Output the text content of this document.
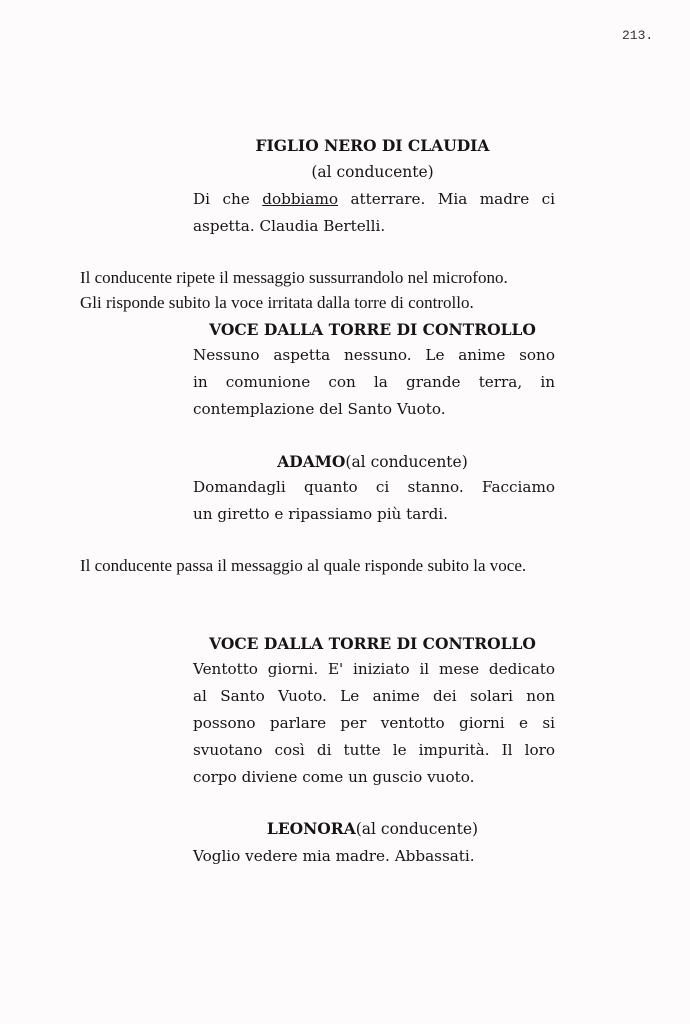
213.
FIGLIO NERO DI CLAUDIA
(al conducente)
Di che dobbiamo atterrare. Mia madre ci
aspetta. Claudia Bertelli.
Il conducente ripete il messaggio sussurrandolo nel microfono.
Gli risponde subito la voce irritata dalla torre di controllo.
VOCE DALLA TORRE DI CONTROLLO
Nessuno aspetta nessuno. Le anime sono
in comunione con la grande terra, in
contemplazione del Santo Vuoto.
ADAMO(al conducente)
Domandagli quanto ci stanno. Facciamo
un giretto e ripassiamo più tardi.
Il conducente passa il messaggio al quale risponde subito la voce.
VOCE DALLA TORRE DI CONTROLLO
Ventotto giorni. E' iniziato il mese dedicato
al Santo Vuoto. Le anime dei solari non
possono parlare per ventotto giorni e si
svuotano così di tutte le impurità. Il loro
corpo diviene come un guscio vuoto.
LEONORA(al conducente)
Voglio vedere mia madre. Abbassati.
